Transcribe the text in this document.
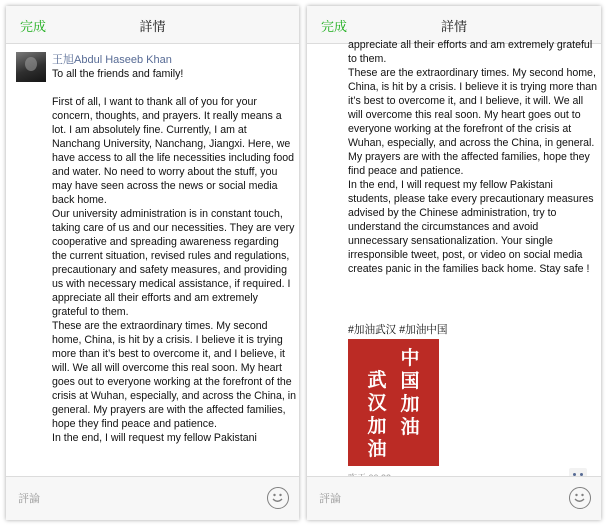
完成	詳情
王旭Abdul Haseeb Khan
To all the friends and family!

First of all, I want to thank all of you for your concern, thoughts, and prayers. It really means a lot. I am absolutely fine. Currently, I am at Nanchang University, Nanchang, Jiangxi. Here, we have access to all the life necessities including food and water. No need to worry about the stuff, you may have seen across the news or social media back home.
Our university administration is in constant touch, taking care of us and our necessities. They are very cooperative and spreading awareness regarding the current situation, revised rules and regulations, precautionary and safety measures, and providing us with necessary medical assistance, if required. I appreciate all their efforts and am extremely grateful to them.
These are the extraordinary times. My second home, China, is hit by a crisis. I believe it is trying more than it’s best to overcome it, and I believe, it will. We all will overcome this real soon. My heart goes out to everyone working at the forefront of the crisis at Wuhan, especially, and across the China, in general. My prayers are with the affected families, hope they find peace and patience.
In the end, I will request my fellow Pakistani
評論
完成	詳情
appreciate all their efforts and am extremely grateful to them.
These are the extraordinary times. My second home, China, is hit by a crisis. I believe it is trying more than it’s best to overcome it, and I believe, it will. We all will overcome this real soon. My heart goes out to everyone working at the forefront of the crisis at Wuhan, especially, and across the China, in general. My prayers are with the affected families, hope they find peace and patience.
In the end, I will request my fellow Pakistani students, please take every precautionary measures advised by the Chinese administration, try to understand the circumstances and avoid unnecessary sensationalization. Your single irresponsible tweet, post, or video on social media creates panic in the families back home. Stay safe !
#加油武汉 #加油中国
中国加油
武汉加油
評論
